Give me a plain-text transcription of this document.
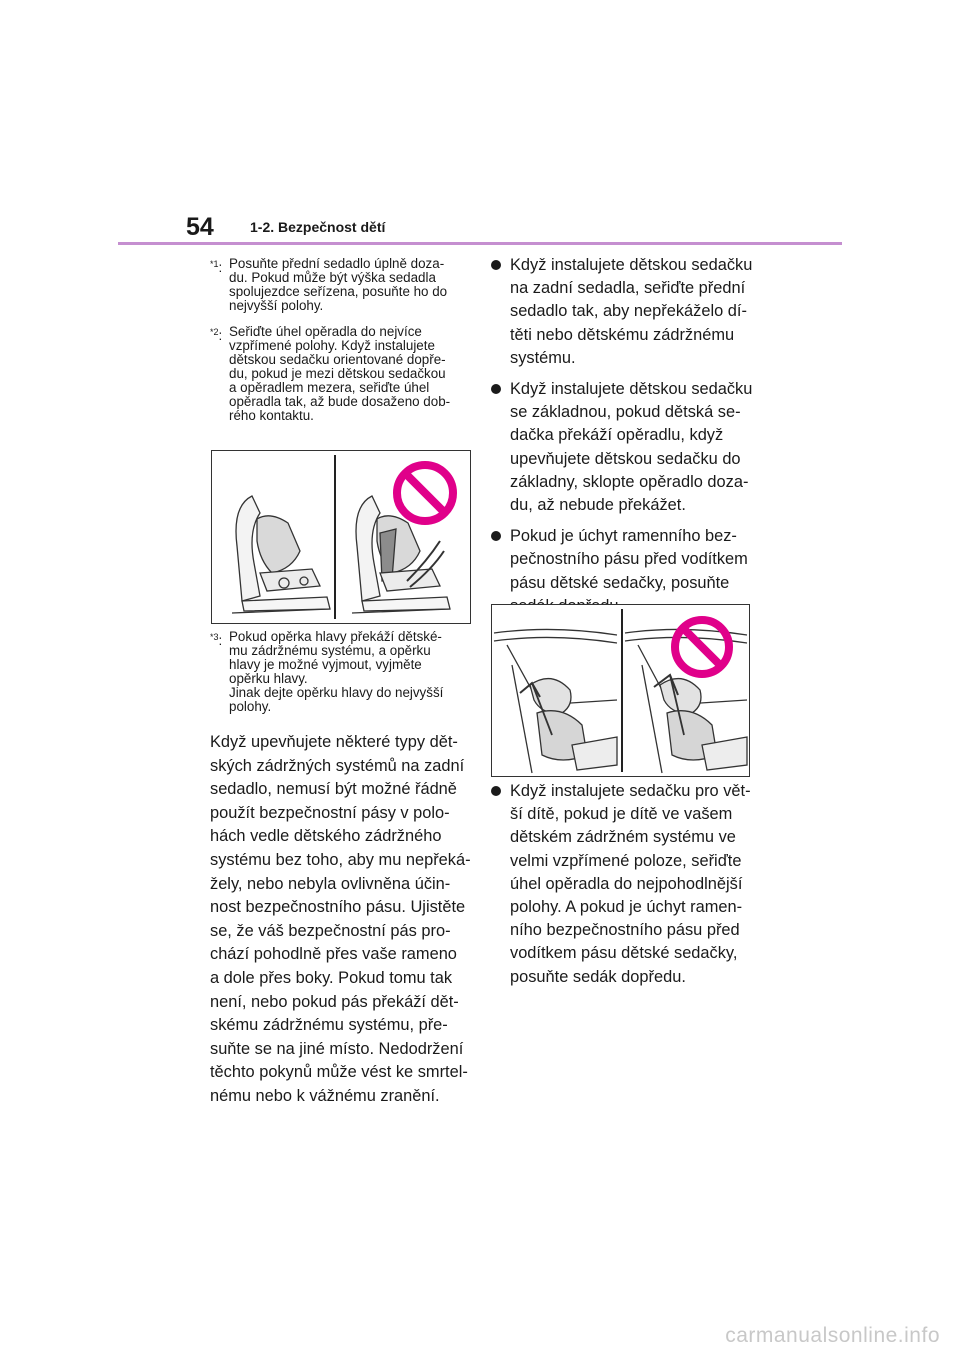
54	1-2. Bezpečnost dětí
$^{*1}$: Posuňte přední sedadlo úplně doza-
du. Pokud může být výška sedadla
spolujezdce seřízena, posuňte ho do
nejvyšší polohy.
$^{*2}$: Seřiďte úhel opěradla do nejvíce
vzpřímené polohy. Když instalujete
dětskou sedačku orientované dopře-
du, pokud je mezi dětskou sedačkou
a opěradlem mezera, seřiďte úhel
opěradla tak, až bude dosaženo dob-
rého kontaktu.
$^{*3}$: Pokud opěrka hlavy překáží dětské-
mu zádržnému systému, a opěrku
hlavy je možné vyjmout, vyjměte
opěrku hlavy.
Jinak dejte opěrku hlavy do nejvyšší
polohy.
Když upevňujete některé typy dět-
ských zádržných systémů na zadní
sedadlo, nemusí být možné řádně
použít bezpečnostní pásy v polo-
hách vedle dětského zádržného
systému bez toho, aby mu nepřeká-
žely, nebo nebyla ovlivněna účin-
nost bezpečnostního pásu. Ujistěte
se, že váš bezpečnostní pás pro-
chází pohodlně přes vaše rameno
a dole přes boky. Pokud tomu tak
není, nebo pokud pás překáží dět-
skému zádržnému systému, pře-
suňte se na jiné místo. Nedodržení
těchto pokynů může vést ke smrtel-
nému nebo k vážnému zranění.
Když instalujete dětskou sedačku
na zadní sedadla, seřiďte přední
sedadlo tak, aby nepřekáželo dí-
těti nebo dětskému zádržnému
systému.
Když instalujete dětskou sedačku
se základnou, pokud dětská se-
dačka překáží opěradlu, když
upevňujete dětskou sedačku do
základny, sklopte opěradlo doza-
du, až nebude překážet.
Pokud je úchyt ramenního bez-
pečnostního pásu před vodítkem
pásu dětské sedačky, posuňte
Když instalujete sedačku pro vět-
ší dítě, pokud je dítě ve vašem
dětském zádržném systému ve
velmi vzpřímené poloze, seřiďte
úhel opěradla do nejpohodlnější
polohy. A pokud je úchyt ramen-
ního bezpečnostního pásu před
vodítkem pásu dětské sedačky,
posuňte sedák dopředu.
carmanualsonline.info
